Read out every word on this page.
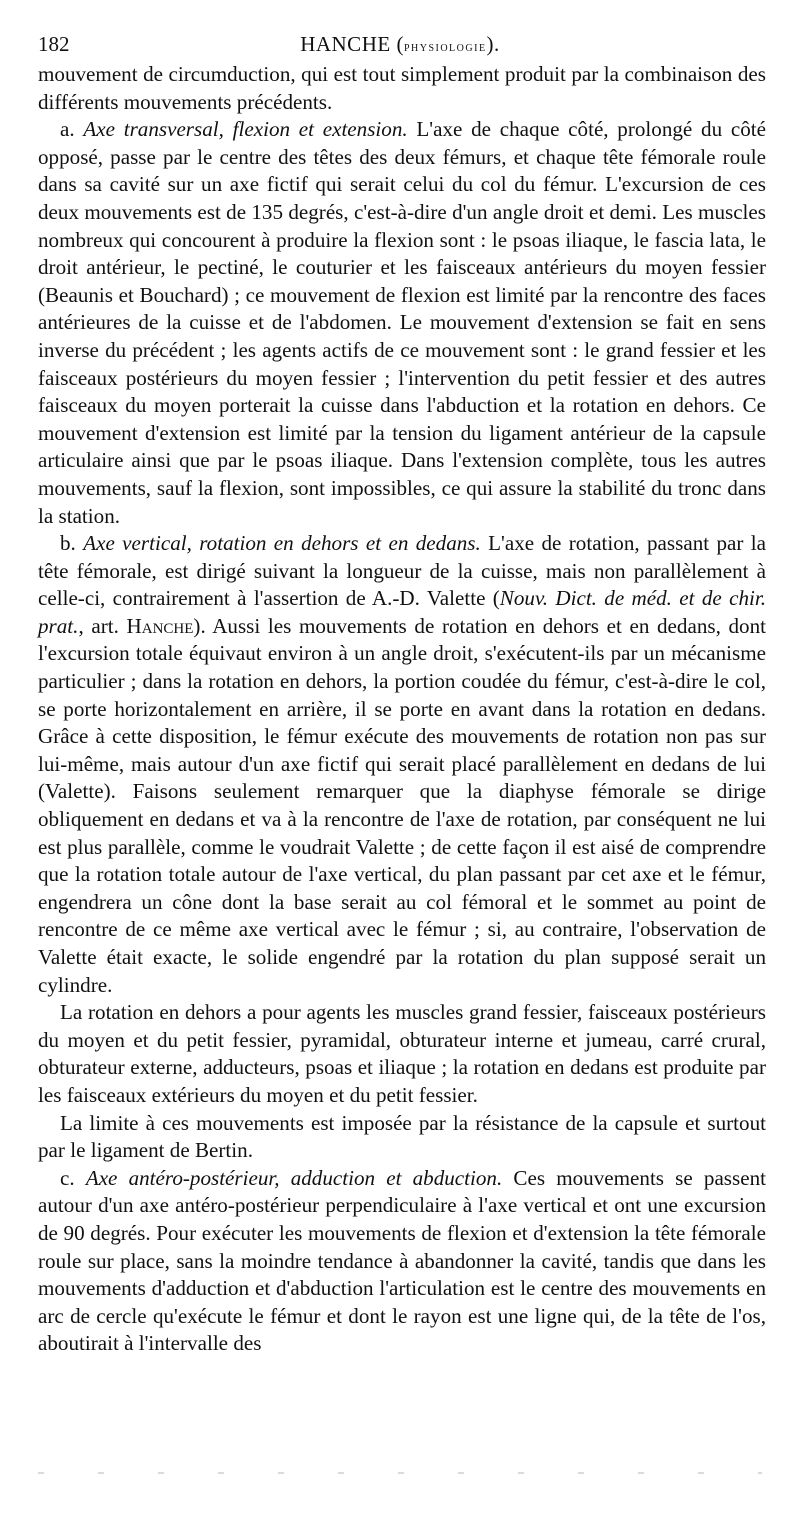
182	HANCHE (physiologie).

mouvement de circumduction, qui est tout simplement produit par la combinaison des différents mouvements précédents.

a. Axe transversal, flexion et extension. L'axe de chaque côté, prolongé du côté opposé, passe par le centre des têtes des deux fémurs, et chaque tête fémorale roule dans sa cavité sur un axe fictif qui serait celui du col du fémur. L'excursion de ces deux mouvements est de 135 degrés, c'est-à-dire d'un angle droit et demi. Les muscles nombreux qui concourent à produire la flexion sont : le psoas iliaque, le fascia lata, le droit antérieur, le pectiné, le couturier et les faisceaux antérieurs du moyen fessier (Beaunis et Bouchard) ; ce mouvement de flexion est limité par la rencontre des faces antérieures de la cuisse et de l'abdomen. Le mouvement d'extension se fait en sens inverse du précédent ; les agents actifs de ce mouvement sont : le grand fessier et les faisceaux postérieurs du moyen fessier ; l'intervention du petit fessier et des autres faisceaux du moyen porterait la cuisse dans l'abduction et la rotation en dehors. Ce mouvement d'extension est limité par la tension du ligament antérieur de la capsule articulaire ainsi que par le psoas iliaque. Dans l'extension complète, tous les autres mouvements, sauf la flexion, sont impossibles, ce qui assure la stabilité du tronc dans la station.

b. Axe vertical, rotation en dehors et en dedans. L'axe de rotation, passant par la tête fémorale, est dirigé suivant la longueur de la cuisse, mais non parallèlement à celle-ci, contrairement à l'assertion de A.-D. Valette (Nouv. Dict. de méd. et de chir. prat., art. Hanche). Aussi les mouvements de rotation en dehors et en dedans, dont l'excursion totale équivaut environ à un angle droit, s'exécutent-ils par un mécanisme particulier ; dans la rotation en dehors, la portion coudée du fémur, c'est-à-dire le col, se porte horizontalement en arrière, il se porte en avant dans la rotation en dedans. Grâce à cette disposition, le fémur exécute des mouvements de rotation non pas sur lui-même, mais autour d'un axe fictif qui serait placé parallèlement en dedans de lui (Valette). Faisons seulement remarquer que la diaphyse fémorale se dirige obliquement en dedans et va à la rencontre de l'axe de rotation, par conséquent ne lui est plus parallèle, comme le voudrait Valette ; de cette façon il est aisé de comprendre que la rotation totale autour de l'axe vertical, du plan passant par cet axe et le fémur, engendrera un cône dont la base serait au col fémoral et le sommet au point de rencontre de ce même axe vertical avec le fémur ; si, au contraire, l'observation de Valette était exacte, le solide engendré par la rotation du plan supposé serait un cylindre.

La rotation en dehors a pour agents les muscles grand fessier, faisceaux postérieurs du moyen et du petit fessier, pyramidal, obturateur interne et jumeau, carré crural, obturateur externe, adducteurs, psoas et iliaque ; la rotation en dedans est produite par les faisceaux extérieurs du moyen et du petit fessier.

La limite à ces mouvements est imposée par la résistance de la capsule et surtout par le ligament de Bertin.

c. Axe antéro-postérieur, adduction et abduction. Ces mouvements se passent autour d'un axe antéro-postérieur perpendiculaire à l'axe vertical et ont une excursion de 90 degrés. Pour exécuter les mouvements de flexion et d'extension la tête fémorale roule sur place, sans la moindre tendance à abandonner la cavité, tandis que dans les mouvements d'adduction et d'abduction l'articulation est le centre des mouvements en arc de cercle qu'exécute le fémur et dont le rayon est une ligne qui, de la tête de l'os, aboutirait à l'intervalle des
